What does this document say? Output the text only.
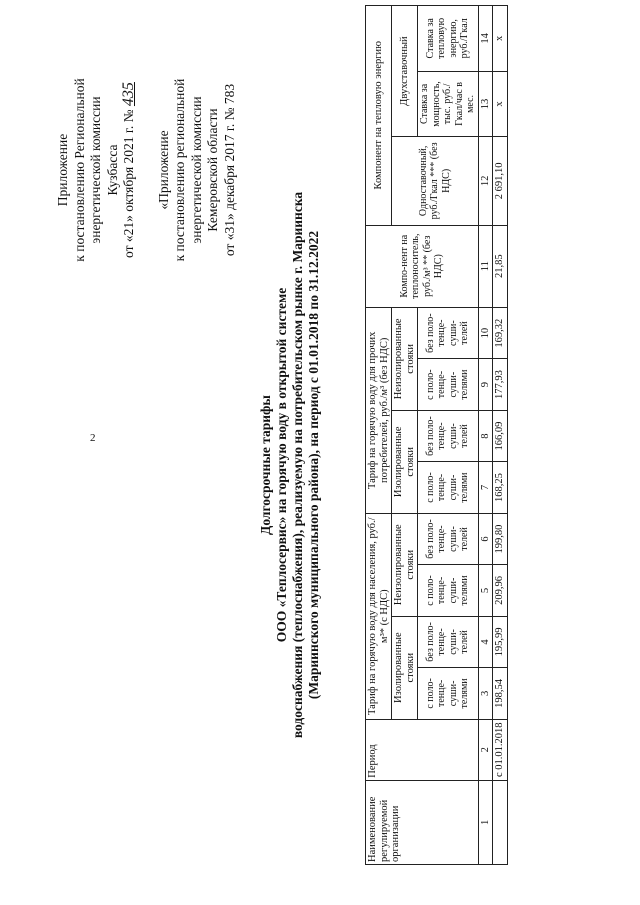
2
Приложение к постановлению Региональной энергетической комиссии Кузбасса от «21» октября 2021 г. № 435
«Приложение к постановлению региональной энергетической комиссии Кемеровской области от «31» декабря 2017 г. № 783
Долгосрочные тарифы ООО «Теплосервис» на горячую воду в открытой системе водоснабжения (теплоснабжения), реализуемую на потребительском рынке г. Мариинска (Мариинского муниципального района), на период с 01.01.2018 по 31.12.2022
Наименование регулируемой организации	Период	Тариф на горячую воду для населения, руб./м³* (с НДС)				Тариф на горячую воду для прочих потребителей, руб./м³ (без НДС)				Компо-нент на теплоноситель, руб./м³ ** (без НДС)	Компонент на тепловую энергию		
		Изолированные стояки		Неизолированные стояки		Изолированные стояки		Неизолированные стояки			Одноставочный, руб./Гкал *** (без НДС)	Двухставочный	
		с поло-тенце-суши-телями	без поло-тенце-суши-телей	с поло-тенце-суши-телями	без поло-тенце-суши-телей	с поло-тенце-суши-телями	без поло-тенце-суши-телей	с поло-тенце-суши-телями	без поло-тенце-суши-телей			Ставка за мощность, тыс. руб./Гкал/час в мес.	Ставка за тепловую энергию, руб./Гкал
1	2	3	4	5	6	7	8	9	10	11	12	13	14
	с 01.01.2018	198,54	195,99	209,96	199,80	168,25	166,09	177,93	169,32	21,85	2 691,10	х	х
